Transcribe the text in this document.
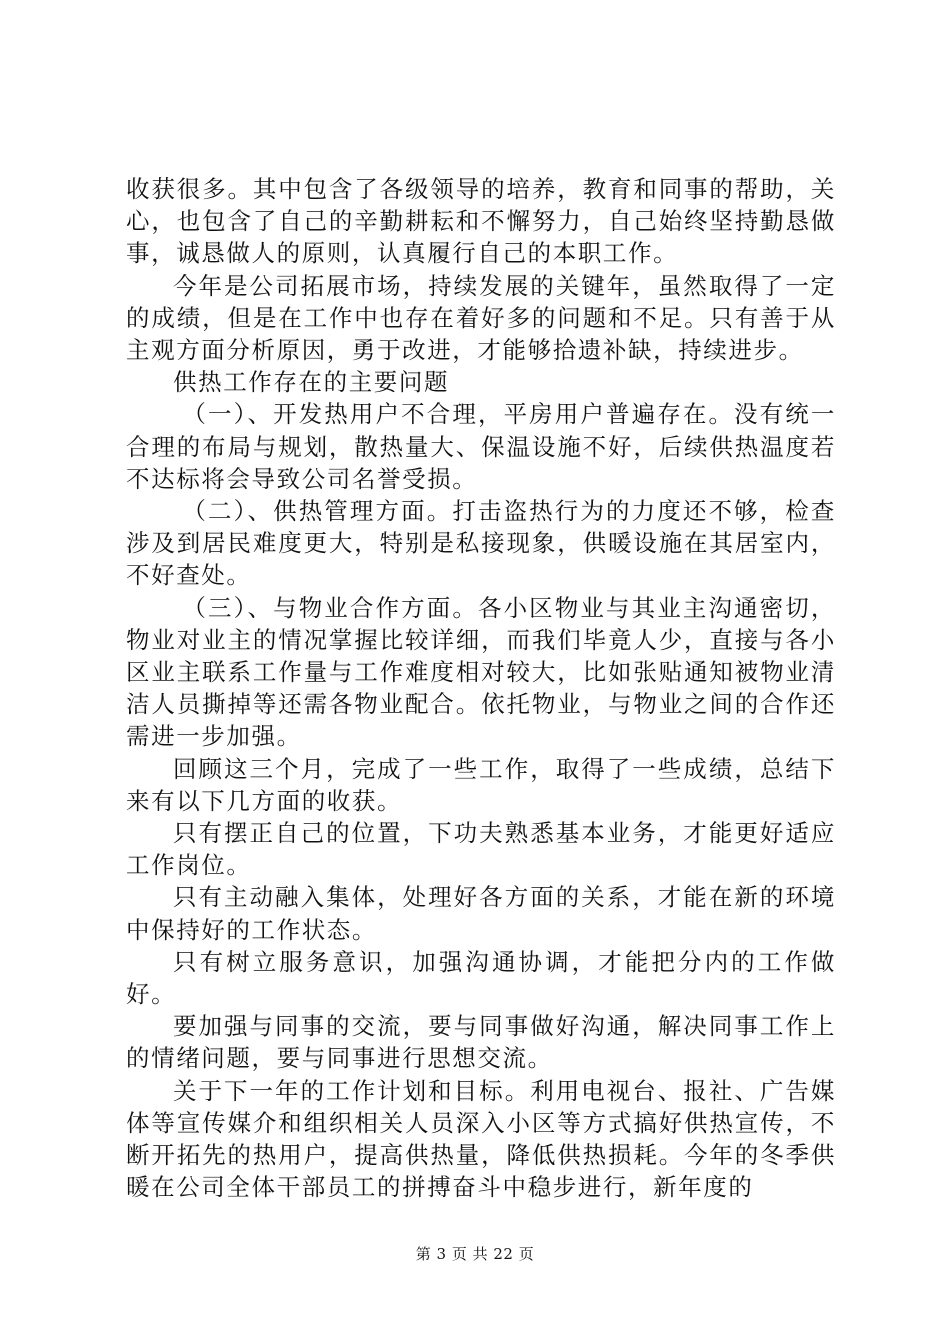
收获很多。其中包含了各级领导的培养，教育和同事的帮助，关心，也包含了自己的辛勤耕耘和不懈努力，自己始终坚持勤恳做事，诚恳做人的原则，认真履行自己的本职工作。

今年是公司拓展市场，持续发展的关键年，虽然取得了一定的成绩，但是在工作中也存在着好多的问题和不足。只有善于从主观方面分析原因，勇于改进，才能够拾遗补缺，持续进步。

供热工作存在的主要问题

（一）、开发热用户不合理，平房用户普遍存在。没有统一合理的布局与规划，散热量大、保温设施不好，后续供热温度若不达标将会导致公司名誉受损。

（二）、供热管理方面。打击盗热行为的力度还不够，检查涉及到居民难度更大，特别是私接现象，供暖设施在其居室内，不好查处。

（三）、与物业合作方面。各小区物业与其业主沟通密切，物业对业主的情况掌握比较详细，而我们毕竟人少，直接与各小区业主联系工作量与工作难度相对较大，比如张贴通知被物业清洁人员撕掉等还需各物业配合。依托物业，与物业之间的合作还需进一步加强。

回顾这三个月，完成了一些工作，取得了一些成绩，总结下来有以下几方面的收获。

只有摆正自己的位置，下功夫熟悉基本业务，才能更好适应工作岗位。

只有主动融入集体，处理好各方面的关系，才能在新的环境中保持好的工作状态。

只有树立服务意识，加强沟通协调，才能把分内的工作做好。

要加强与同事的交流，要与同事做好沟通，解决同事工作上的情绪问题，要与同事进行思想交流。

关于下一年的工作计划和目标。利用电视台、报社、广告媒体等宣传媒介和组织相关人员深入小区等方式搞好供热宣传，不断开拓先的热用户，提高供热量，降低供热损耗。今年的冬季供暖在公司全体干部员工的拼搏奋斗中稳步进行，新年度的

第 3 页 共 22 页
